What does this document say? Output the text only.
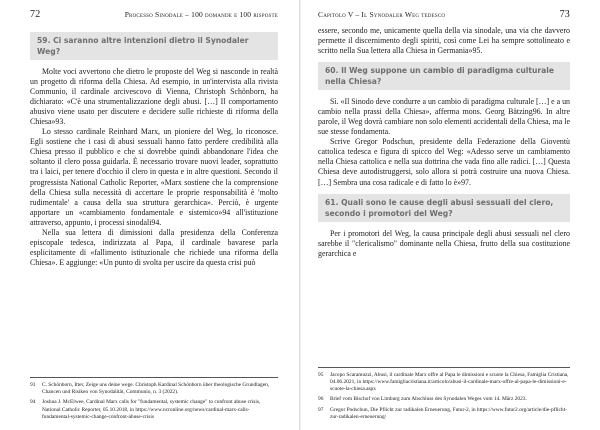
72	Processo Sinodale – 100 domande e 100 risposte

59. Ci saranno altre intenzioni dietro il Synodaler Weg?

Molte voci avvertono che dietro le proposte del Weg si nasconde in realtà un progetto di riforma della Chiesa. Ad esempio, in un'intervista alla rivista Communio, il cardinale arcivescovo di Vienna, Christoph Schönborn, ha dichiarato: «C'è una strumentalizzazione degli abusi. […] Il comportamento abusivo viene usato per discutere e decidere sulle richieste di riforma della Chiesa»93.

Lo stesso cardinale Reinhard Marx, un pioniere del Weg, lo riconosce. Egli sostiene che i casi di abusi sessuali hanno fatto perdere credibilità alla Chiesa presso il pubblico e che si dovrebbe quindi abbandonare l'idea che soltanto il clero possa guidarla. È necessario trovare nuovi leader, soprattutto tra i laici, per tenere d'occhio il clero in questa e in altre questioni. Secondo il progressista National Catholic Reporter, «Marx sostiene che la comprensione della Chiesa sulla necessità di accertare le proprie responsabilità è 'molto rudimentale' a causa della sua struttura gerarchica». Perciò, è urgente apportare un «cambiamento fondamentale e sistemico»94 all'istituzione attraverso, appunto, i processi sinodali94.

Nella sua lettera di dimissioni dalla presidenza della Conferenza episcopale tedesca, indirizzata al Papa, il cardinale bavarese parla esplicitamente di «fallimento istituzionale che richiede una riforma della Chiesa». E aggiunge: «Un punto di svolta per uscire da questa crisi può

93	C. Schönborn, Itter, Zeige uns deine wege. Christoph Kardinal Schönborn über theologische Grundlagen, Chancen und Risiken von Synodalität, Communio, n. 3 (2022).
94	Joshua J. McElwee, Cardinal Marx calls for "fundamental, systemic change" to confront abuse crisis, National Catholic Reporter, 05.10.2018, in https://www.ncronline.org/news/cardinal-marx-calls-fundamental-systemic-change-confront-abuse-crisis
Capitolo V – Il Synodaler Weg tedesco	73

essere, secondo me, unicamente quella della via sinodale, una via che davvero permette il discernimento degli spiriti, così come Lei ha sempre sottolineato e scritto nella Sua lettera alla Chiesa in Germania»95.

60. Il Weg suppone un cambio di paradigma culturale nella Chiesa?

Sì. «Il Sinodo deve condurre a un cambio di paradigma culturale […] e a un cambio nella prassi della Chiesa», afferma mons. Georg Bätzing96. In altre parole, il Weg dovrà cambiare non solo elementi accidentali della Chiesa, ma le sue stesse fondamenta.

Scrive Gregor Podschun, presidente della Federazione della Gioventù cattolica tedesca e figura di spicco del Weg: «Adesso serve un cambiamento nella Chiesa cattolica e nella sua dottrina che vada fino alle radici. […] Questa Chiesa deve autodistruggersi, solo allora si potrà costruire una nuova Chiesa. […] Sembra una cosa radicale e di fatto lo è»97.

61. Quali sono le cause degli abusi sessuali del clero, secondo i promotori del Weg?

Per i promotori del Weg, la causa principale degli abusi sessuali nel clero sarebbe il "clericalismo" dominante nella Chiesa, frutto della sua costituzione gerarchica e

95	Jacopo Scaramuzzi, Abusi, il cardinale Marx offre al Papa le dimissioni e scuote la Chiesa, Famiglia Cristiana, 04.06.2021, in https://www.famigliacristiana.it/articolo/abusi-il-cardinale-marx-offre-al-papa-le-dimissioni-e-scuote-la-chiesa.aspx
96	Brief vom Bischof von Limburg zum Abschluss des Synodalen Weges vom 14. März 2023.
97	Gregor Podschun, Die Pflicht zur radikalen Erneuerung, Futur-2, in https://www.futur2.org/article/die-pflicht-zur-radikalen-erneuerung/
